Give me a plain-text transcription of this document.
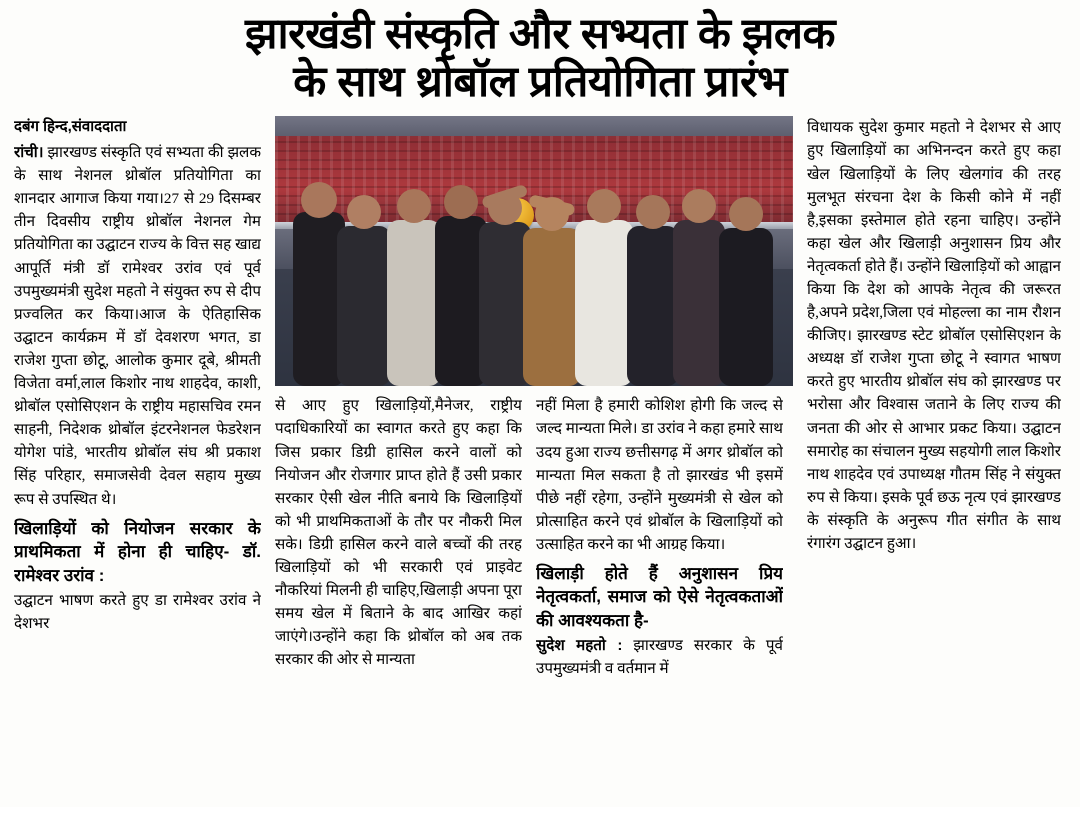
झारखंडी संस्कृति और सभ्यता के झलक
के साथ थ्रोबॉल प्रतियोगिता प्रारंभ
दबंग हिन्द,संवाददाता

रांची। झारखण्ड संस्कृति एवं सभ्यता की झलक के साथ नेशनल थ्रोबॉल प्रतियोगिता का शानदार आगाज किया गया।27 से 29 दिसम्बर तीन दिवसीय राष्ट्रीय थ्रोबॉल नेशनल गेम प्रतियोगिता का उद्घाटन राज्य के वित्त सह खाद्य आपूर्ति मंत्री डॉ रामेश्वर उरांव एवं पूर्व उपमुख्यमंत्री सुदेश महतो ने संयुक्त रुप से दीप प्रज्वलित कर किया।आज के ऐतिहासिक उद्घाटन कार्यक्रम में डॉ देवशरण भगत, डा राजेश गुप्ता छोटू, आलोक कुमार दूबे, श्रीमती विजेता वर्मा,लाल किशोर नाथ शाहदेव, काशी, थ्रोबॉल एसोसिएशन के राष्ट्रीय महासचिव रमन साहनी, निदेशक थ्रोबॉल इंटरनेशनल फेडरेशन योगेश पांडे, भारतीय थ्रोबॉल संघ श्री प्रकाश सिंह परिहार, समाजसेवी देवल सहाय मुख्य रूप से उपस्थित थे।

खिलाड़ियों को नियोजन सरकार के प्राथमिकता में होना ही चाहिए- डॉ. रामेश्वर उरांव :

उद्घाटन भाषण करते हुए डा रामेश्वर उरांव ने देशभर

से आए हुए खिलाड़ियों,मैनेजर, राष्ट्रीय पदाधिकारियों का स्वागत करते हुए कहा कि जिस प्रकार डिग्री हासिल करने वालों को नियोजन और रोजगार प्राप्त होते हैं उसी प्रकार सरकार ऐसी खेल नीति बनाये कि खिलाड़ियों को भी प्राथमिकताओं के तौर पर नौकरी मिल सके। डिग्री हासिल करने वाले बच्चों की तरह खिलाड़ियों को भी सरकारी एवं प्राइवेट नौकरियां मिलनी ही चाहिए,खिलाड़ी अपना पूरा समय खेल में बिताने के बाद आखिर कहां जाएंगे।उन्होंने कहा कि थ्रोबॉल को अब तक सरकार की ओर से मान्यता

नहीं मिला है हमारी कोशिश होगी कि जल्द से जल्द मान्यता मिले। डा उरांव ने कहा हमारे साथ उदय हुआ राज्य छत्तीसगढ़ में अगर थ्रोबॉल को मान्यता मिल सकता है तो झारखंड भी इसमें पीछे नहीं रहेगा, उन्होंने मुख्यमंत्री से खेल को प्रोत्साहित करने एवं थ्रोबॉल के खिलाड़ियों को उत्साहित करने का भी आग्रह किया।

खिलाड़ी होते हैं अनुशासन प्रिय नेतृत्वकर्ता, समाज को ऐसे नेतृत्वकताओं की आवश्यकता है-

सुदेश महतो : झारखण्ड सरकार के पूर्व उपमुख्यमंत्री व वर्तमान में

विधायक सुदेश कुमार महतो ने देशभर से आए हुए खिलाड़ियों का अभिनन्दन करते हुए कहा खेल खिलाड़ियों के लिए खेलगांव की तरह मुलभूत संरचना देश के किसी कोने में नहीं है,इसका इस्तेमाल होते रहना चाहिए। उन्होंने कहा खेल और खिलाड़ी अनुशासन प्रिय और नेतृत्वकर्ता होते हैं। उन्होंने खिलाड़ियों को आह्वान किया कि देश को आपके नेतृत्व की जरूरत है,अपने प्रदेश,जिला एवं मोहल्ला का नाम रौशन कीजिए। झारखण्ड स्टेट थ्रोबॉल एसोसिएशन के अध्यक्ष डॉ राजेश गुप्ता छोटू ने स्वागत भाषण करते हुए भारतीय थ्रोबॉल संघ को झारखण्ड पर भरोसा और विश्वास जताने के लिए राज्य की जनता की ओर से आभार प्रकट किया। उद्घाटन समारोह का संचालन मुख्य सहयोगी लाल किशोर नाथ शाहदेव एवं उपाध्यक्ष गौतम सिंह ने संयुक्त रुप से किया। इसके पूर्व छऊ नृत्य एवं झारखण्ड के संस्कृति के अनुरूप गीत संगीत के साथ रंगारंग उद्घाटन हुआ।
